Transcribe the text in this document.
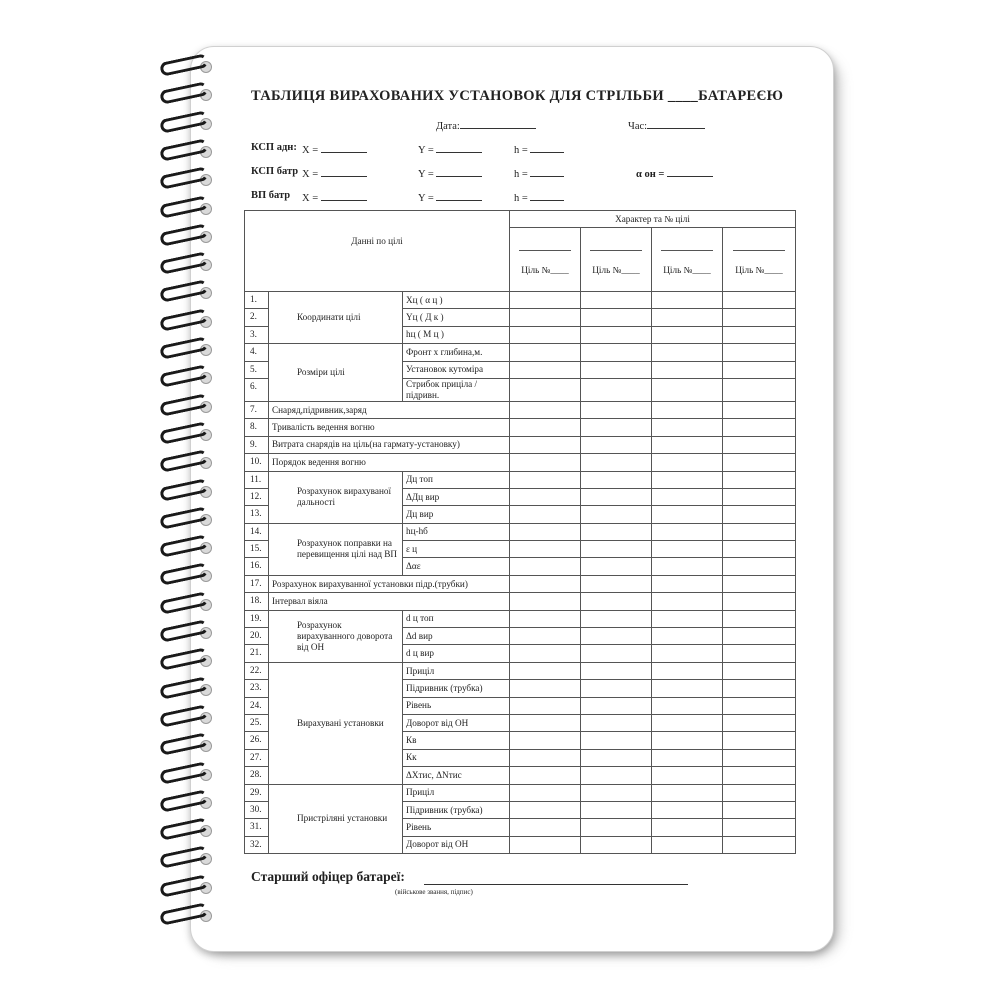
ТАБЛИЦЯ ВИРАХОВАНИХ УСТАНОВОК ДЛЯ СТРІЛЬБИ ____БАТАРЕЄЮ
Дата:	Час:
КСП адн: X =	Y =	h =
КСП батр X =	Y =	h =	α он =
ВП батр X =	Y =	h =
Данні по цілі			Характер та № цілі			

Ціль №____	Ціль №____	Ціль №____	Ціль №____
1.	Координати цілі	Xц ( α ц )				
2.		Yц ( Д к )				
3.		hц ( М ц )				
4.	Розміри цілі	Фронт х глибина,м.				
5.		Установок кутоміра				
6.		Стрибок приціла / підривн.				
7.	Снаряд,підривник,заряд					
8.	Тривалість ведення вогню					
9.	Витрата снарядів на ціль(на гармату-установку)					
10.	Порядок ведення вогню					
11.	Розрахунок вирахуваної дальності	Дц топ				
12.		ΔДц вир				
13.		Дц вир				
14.	Розрахунок поправки на перевищення цілі над ВП	hц-hб				
15.		ε ц				
16.		Δαε				
17.	Розрахунок вирахуванної установки підр.(трубки)					
18.	Інтервал віяла					
19.	Розрахунок вирахуванного доворота від ОН	d ц топ				
20.		Δd вир				
21.		d ц вир				
22.	Вирахувані установки	Приціл				
23.		Підривник (трубка)				
24.		Рівень				
25.		Доворот від ОН				
26.		Кв				
27.		Кк				
28.		ΔXтис, ΔNтис				
29.	Пристріляні установки	Приціл				
30.		Підривник (трубка)				
31.		Рівень				
32.		Доворот від ОН				
Старший офіцер батареї:
(військове звання, підпис)
